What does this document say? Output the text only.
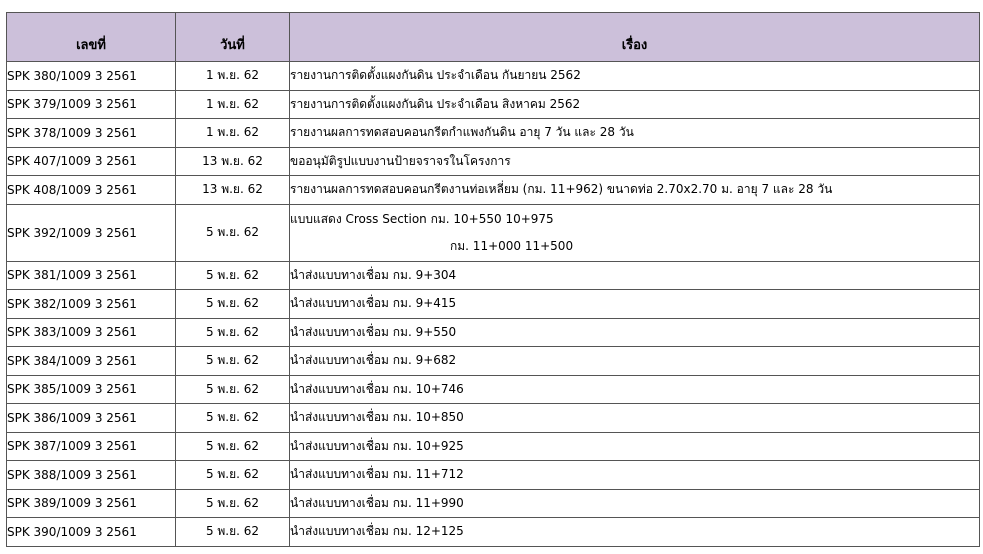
เลขที่	วันที่	เรื่อง
SPK 380/1009 3 2561	1 พ.ย. 62	รายงานการติดตั้งแผงกันดิน ประจำเดือน กันยายน 2562
SPK 379/1009 3 2561	1 พ.ย. 62	รายงานการติดตั้งแผงกันดิน ประจำเดือน สิงหาคม 2562
SPK 378/1009 3 2561	1 พ.ย. 62	รายงานผลการทดสอบคอนกรีตกำแพงกันดิน อายุ 7 วัน และ 28 วัน
SPK 407/1009 3 2561	13 พ.ย. 62	ขออนุมัติรูปแบบงานป้ายจราจรในโครงการ
SPK 408/1009 3 2561	13 พ.ย. 62	รายงานผลการทดสอบคอนกรีตงานท่อเหลี่ยม (กม. 11+962) ขนาดท่อ 2.70x2.70 ม. อายุ 7 และ 28 วัน
SPK 392/1009 3 2561	5 พ.ย. 62	แบบแสดง Cross Section กม. 10+550 10+975
กม. 11+000 11+500

SPK 381/1009 3 2561	5 พ.ย. 62	นำส่งแบบทางเชื่อม กม. 9+304
SPK 382/1009 3 2561	5 พ.ย. 62	นำส่งแบบทางเชื่อม กม. 9+415
SPK 383/1009 3 2561	5 พ.ย. 62	นำส่งแบบทางเชื่อม กม. 9+550
SPK 384/1009 3 2561	5 พ.ย. 62	นำส่งแบบทางเชื่อม กม. 9+682
SPK 385/1009 3 2561	5 พ.ย. 62	นำส่งแบบทางเชื่อม กม. 10+746
SPK 386/1009 3 2561	5 พ.ย. 62	นำส่งแบบทางเชื่อม กม. 10+850
SPK 387/1009 3 2561	5 พ.ย. 62	นำส่งแบบทางเชื่อม กม. 10+925
SPK 388/1009 3 2561	5 พ.ย. 62	นำส่งแบบทางเชื่อม กม. 11+712
SPK 389/1009 3 2561	5 พ.ย. 62	นำส่งแบบทางเชื่อม กม. 11+990
SPK 390/1009 3 2561	5 พ.ย. 62	นำส่งแบบทางเชื่อม กม. 12+125
